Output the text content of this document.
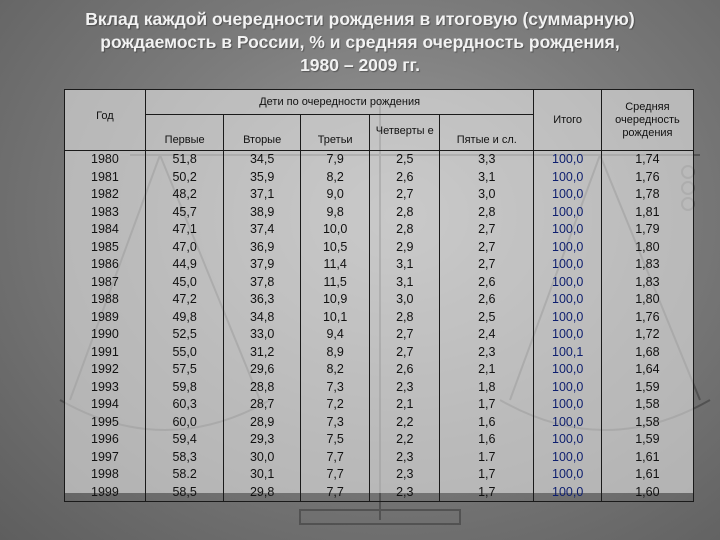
Вклад каждой очередности рождения в итоговую (суммарную)
рождаемость в России, % и средняя очердность рождения,
1980 – 2009 гг.
Год	Дети по очередности рождения					Итого	Средняя очередность рождения
	Первые	Вторые	Третьи	Четверты е	Пятые и сл.		
1980	51,8	34,5	7,9	2,5	3,3	100,0	1,74
1981	50,2	35,9	8,2	2,6	3,1	100,0	1,76
1982	48,2	37,1	9,0	2,7	3,0	100,0	1,78
1983	45,7	38,9	9,8	2,8	2,8	100,0	1,81
1984	47,1	37,4	10,0	2,8	2,7	100,0	1,79
1985	47,0	36,9	10,5	2,9	2,7	100,0	1,80
1986	44,9	37,9	11,4	3,1	2,7	100,0	1,83
1987	45,0	37,8	11,5	3,1	2,6	100,0	1,83
1988	47,2	36,3	10,9	3,0	2,6	100,0	1,80
1989	49,8	34,8	10,1	2,8	2,5	100,0	1,76
1990	52,5	33,0	9,4	2,7	2,4	100,0	1,72
1991	55,0	31,2	8,9	2,7	2,3	100,1	1,68
1992	57,5	29,6	8,2	2,6	2,1	100,0	1,64
1993	59,8	28,8	7,3	2,3	1,8	100,0	1,59
1994	60,3	28,7	7,2	2,1	1,7	100,0	1,58
1995	60,0	28,9	7,3	2,2	1,6	100,0	1,58
1996	59,4	29,3	7,5	2,2	1,6	100,0	1,59
1997	58,3	30,0	7,7	2,3	1.7	100,0	1,61
1998	58.2	30,1	7,7	2,3	1,7	100,0	1,61
1999	58,5	29,8	7,7	2,3	1,7	100,0	1,60
